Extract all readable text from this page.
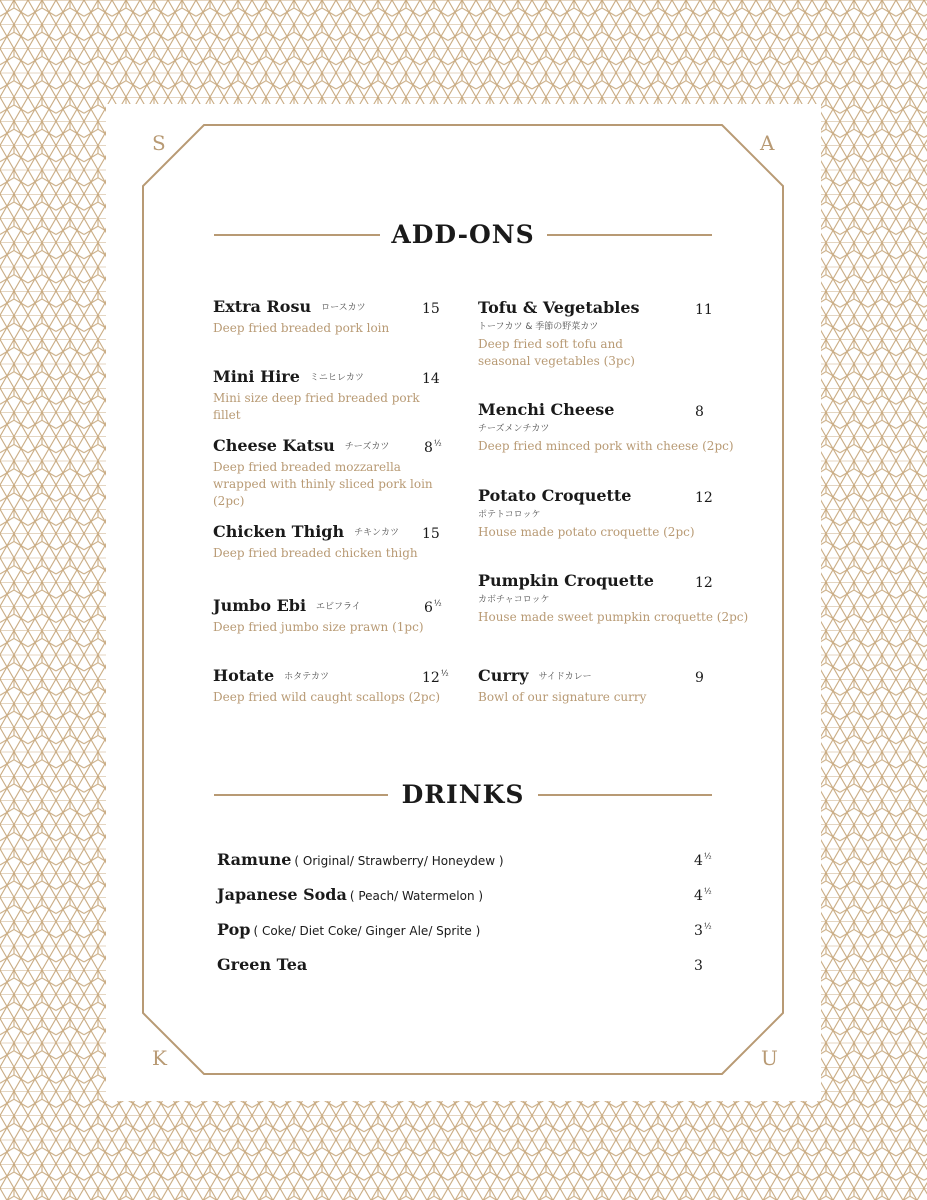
S	A
K	U
ADD-ONS
Extra Rosu ロースカツ
Deep fried breaded pork loin
15
Mini Hire ミニヒレカツ
Mini size deep fried breaded pork fillet
14
Cheese Katsu チーズカツ
Deep fried breaded mozzarella wrapped with thinly sliced pork loin (2pc)
$8^{\frac{1}{2}}$
Chicken Thigh チキンカツ
Deep fried breaded chicken thigh
15
Jumbo Ebi エビフライ
Deep fried jumbo size prawn (1pc)
$6^{\frac{1}{2}}$
Hotate ホタテカツ
Deep fried wild caught scallops (2pc)
$12^{\frac{1}{2}}$
Tofu & Vegetables
トーフカツ & 季節の野菜カツ
Deep fried soft tofu and seasonal vegetables (3pc)
11
Menchi Cheese
チーズメンチカツ
Deep fried minced pork with cheese (2pc)
8
Potato Croquette
ポテトコロッケ
House made potato croquette (2pc)
12
Pumpkin Croquette
カボチャコロッケ
House made sweet pumpkin croquette (2pc)
12
Curry サイドカレー
Bowl of our signature curry
9
DRINKS
Ramune ( Original/ Strawberry/ Honeydew )	$4^{\frac{1}{2}}$
Japanese Soda ( Peach/ Watermelon )	$4^{\frac{1}{2}}$
Pop ( Coke/ Diet Coke/ Ginger Ale/ Sprite )	$3^{\frac{1}{2}}$
Green Tea	3
